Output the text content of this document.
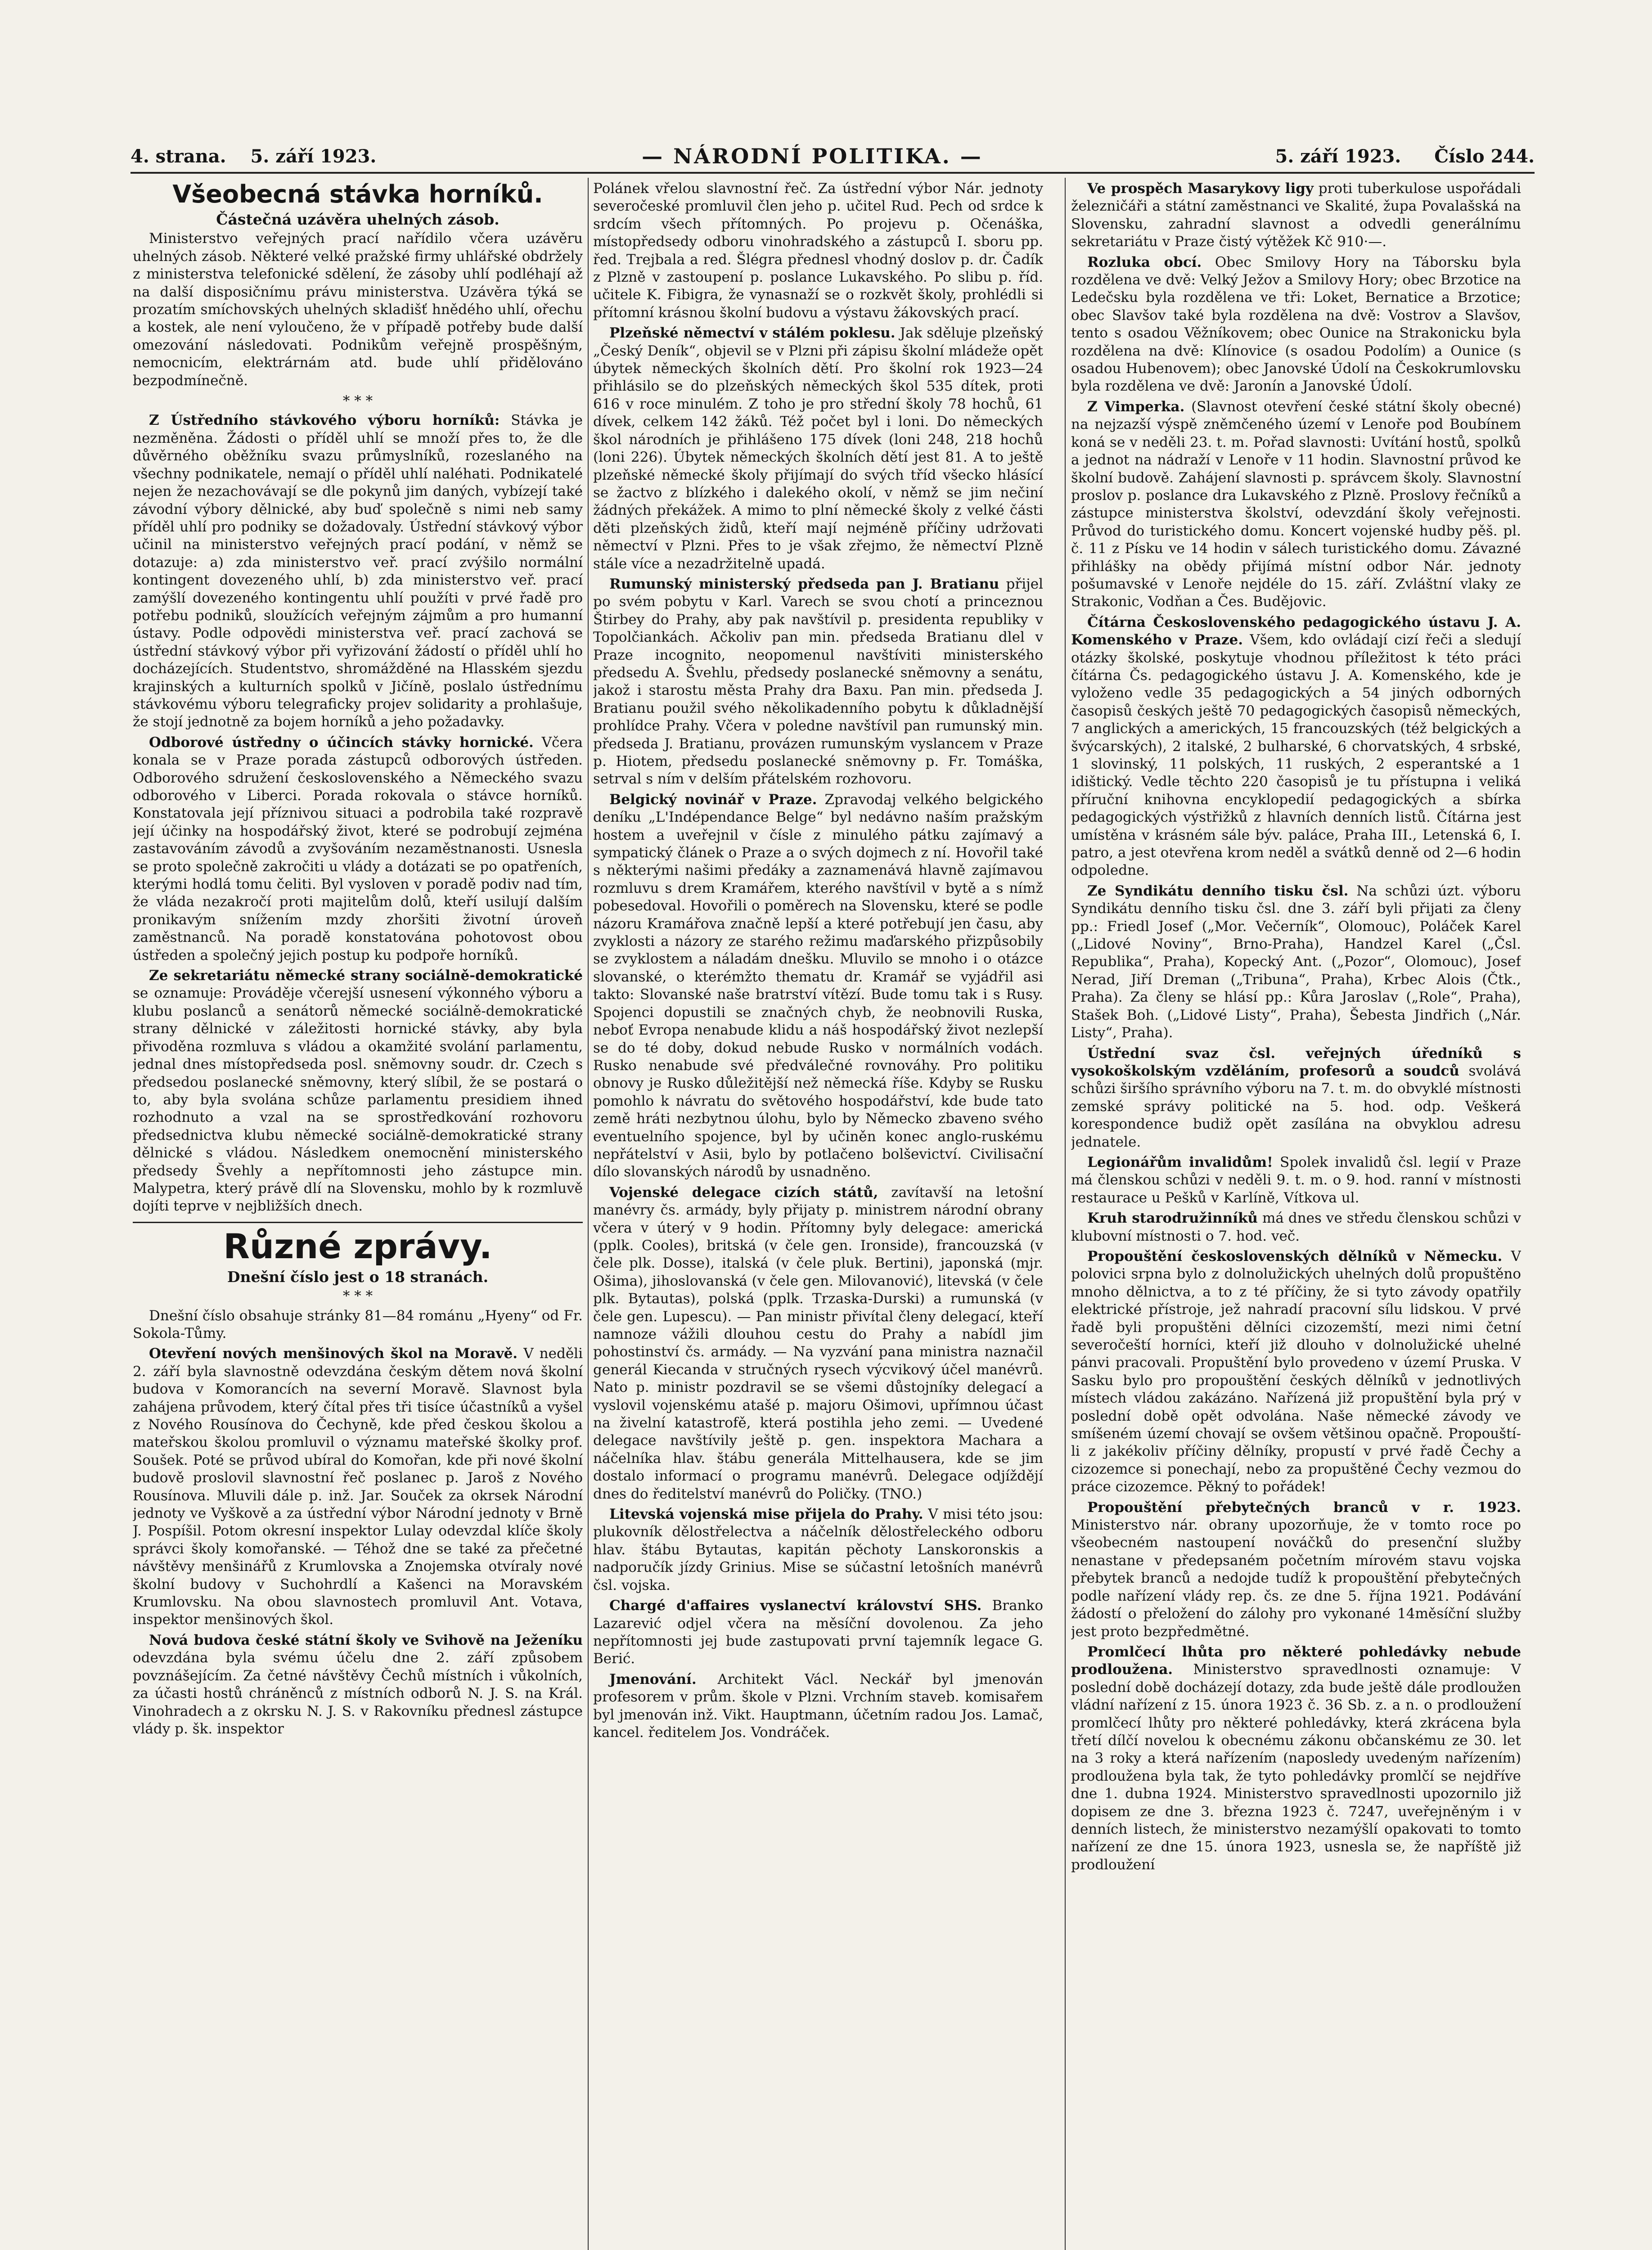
4. strana. 5. září 1923.	— NÁRODNÍ POLITIKA. —	5. září 1923. Číslo 244.
Všeobecná stávka horníků.
Částečná uzávěra uhelných zásob.

Ministerstvo veřejných prací nařídilo včera uzávěru uhelných zásob. Některé velké pražské firmy uhlářské obdržely z ministerstva telefonické sdělení, že zásoby uhlí podléhají až na další disposičnímu právu ministerstva. Uzávěra týká se prozatím smíchovských uhelných skladišť hnědého uhlí, ořechu a kostek, ale není vyloučeno, že v případě potřeby bude další omezování následovati. Podnikům veřejně prospěšným, nemocnicím, elektrárnám atd. bude uhlí přidělováno bezpodmínečně.

* * *

Z Ústředního stávkového výboru horníků: Stávka je nezměněna. Žádosti o příděl uhlí se množí přes to, že dle důvěrného oběžníku svazu průmyslníků, rozeslaného na všechny podnikatele, nemají o příděl uhlí naléhati. Podnikatelé nejen že nezachovávají se dle pokynů jim daných, vybízejí také závodní výbory dělnické, aby buď společně s nimi neb samy příděl uhlí pro podniky se dožadovaly. Ústřední stávkový výbor učinil na ministerstvo veřejných prací podání, v němž se dotazuje: a) zda ministerstvo veř. prací zvýšilo normální kontingent dovezeného uhlí, b) zda ministerstvo veř. prací zamýšlí dovezeného kontingentu uhlí použíti v prvé řadě pro potřebu podniků, sloužících veřejným zájmům a pro humanní ústavy. Podle odpovědi ministerstva veř. prací zachová se ústřední stávkový výbor při vyřizování žádostí o příděl uhlí ho docházejících. Studentstvo, shromážděné na Hlasském sjezdu krajinských a kulturních spolků v Jičíně, poslalo ústřednímu stávkovému výboru telegraficky projev solidarity a prohlašuje, že stojí jednotně za bojem horníků a jeho požadavky.

Odborové ústředny o účincích stávky hornické. Včera konala se v Praze porada zástupců odborových ústředen. Odborového sdružení československého a Německého svazu odborového v Liberci. Porada rokovala o stávce horníků. Konstatovala její příznivou situaci a podrobila také rozpravě její účinky na hospodářský život, které se podrobují zejména zastavováním závodů a zvyšováním nezaměstnanosti. Usnesla se proto společně zakročiti u vlády a dotázati se po opatřeních, kterými hodlá tomu čeliti. Byl vysloven v poradě podiv nad tím, že vláda nezakročí proti majitelům dolů, kteří usilují dalším pronikavým snížením mzdy zhoršiti životní úroveň zaměstnanců. Na poradě konstatována pohotovost obou ústředen a společný jejich postup ku podpoře horníků.

Ze sekretariátu německé strany sociálně-demokratické se oznamuje: Prováděje včerejší usnesení výkonného výboru a klubu poslanců a senátorů německé sociálně-demokratické strany dělnické v záležitosti hornické stávky, aby byla přivoděna rozmluva s vládou a okamžité svolání parlamentu, jednal dnes místopředseda posl. sněmovny soudr. dr. Czech s předsedou poslanecké sněmovny, který slíbil, že se postará o to, aby byla svolána schůze parlamentu presidiem ihned rozhodnuto a vzal na se sprostředkování rozhovoru předsednictva klubu německé sociálně-demokratické strany dělnické s vládou. Následkem onemocnění ministerského předsedy Švehly a nepřítomnosti jeho zástupce min. Malypetra, který právě dlí na Slovensku, mohlo by k rozmluvě dojíti teprve v nejbližších dnech.

Různé zprávy.
Dnešní číslo jest o 18 stranách.
* * *

Dnešní číslo obsahuje stránky 81—84 románu „Hyeny“ od Fr. Sokola-Tůmy.

Otevření nových menšinových škol na Moravě. V neděli 2. září byla slavnostně odevzdána českým dětem nová školní budova v Komorancích na severní Moravě. Slavnost byla zahájena průvodem, který čítal přes tři tisíce účastníků a vyšel z Nového Rousínova do Čechyně, kde před českou školou a mateřskou školou promluvil o významu mateřské školky prof. Soušek. Poté se průvod ubíral do Komořan, kde při nové školní budově proslovil slavnostní řeč poslanec p. Jaroš z Nového Rousínova. Mluvili dále p. inž. Jar. Souček za okrsek Národní jednoty ve Vyškově a za ústřední výbor Národní jednoty v Brně J. Pospíšil. Potom okresní inspektor Lulay odevzdal klíče školy správci školy komořanské. — Téhož dne se také za přečetné návštěvy menšinářů z Krumlovska a Znojemska otvíraly nové školní budovy v Suchohrdlí a Kašenci na Moravském Krumlovsku. Na obou slavnostech promluvil Ant. Votava, inspektor menšinových škol.

Nová budova české státní školy ve Svihově na Ježeníku odevzdána byla svému účelu dne 2. září způsobem povznášejícím. Za četné návštěvy Čechů místních i vůkolních, za účasti hostů chráněnců z místních odborů N. J. S. na Král. Vinohradech a z okrsku N. J. S. v Rakovníku přednesl zástupce vlády p. šk. inspektor

Polánek vřelou slavnostní řeč. Za ústřední výbor Nár. jednoty severočeské promluvil člen jeho p. učitel Rud. Pech od srdce k srdcím všech přítomných. Po projevu p. Očenáška, místopředsedy odboru vinohradského a zástupců I. sboru pp. řed. Trejbala a red. Šlégra přednesl vhodný doslov p. dr. Čadík z Plzně v zastoupení p. poslance Lukavského. Po slibu p. říd. učitele K. Fibigra, že vynasnaží se o rozkvět školy, prohlédli si přítomní krásnou školní budovu a výstavu žákovských prací.

Plzeňské němectví v stálém poklesu. Jak sděluje plzeňský „Český Deník“, objevil se v Plzni při zápisu školní mládeže opět úbytek německých školních dětí. Pro školní rok 1923—24 přihlásilo se do plzeňských německých škol 535 dítek, proti 616 v roce minulém. Z toho je pro střední školy 78 hochů, 61 dívek, celkem 142 žáků. Též počet byl i loni. Do německých škol národních je přihlášeno 175 dívek (loni 248, 218 hochů (loni 226). Úbytek německých školních dětí jest 81. A to ještě plzeňské německé školy přijímají do svých tříd všecko hlásící se žactvo z blízkého i dalekého okolí, v němž se jim nečiní žádných překážek. A mimo to plní německé školy z velké části děti plzeňských židů, kteří mají nejméně příčiny udržovati němectví v Plzni. Přes to je však zřejmo, že němectví Plzně stále více a nezadržitelně upadá.

Rumunský ministerský předseda pan J. Bratianu přijel po svém pobytu v Karl. Varech se svou chotí a princeznou Štirbey do Prahy, aby pak navštívil p. presidenta republiky v Topolčiankách. Ačkoliv pan min. předseda Bratianu dlel v Praze incognito, neopomenul navštíviti ministerského předsedu A. Švehlu, předsedy poslanecké sněmovny a senátu, jakož i starostu města Prahy dra Baxu. Pan min. předseda J. Bratianu použil svého několikadenního pobytu k důkladnější prohlídce Prahy. Včera v poledne navštívil pan rumunský min. předseda J. Bratianu, provázen rumunským vyslancem v Praze p. Hiotem, předsedu poslanecké sněmovny p. Fr. Tomáška, setrval s ním v delším přátelském rozhovoru.

Belgický novinář v Praze. Zpravodaj velkého belgického deníku „L'Indépendance Belge“ byl nedávno naším pražským hostem a uveřejnil v čísle z minulého pátku zajímavý a sympatický článek o Praze a o svých dojmech z ní. Hovořil také s některými našimi předáky a zaznamenává hlavně zajímavou rozmluvu s drem Kramářem, kterého navštívil v bytě a s nímž pobesedoval. Hovořili o poměrech na Slovensku, které se podle názoru Kramářova značně lepší a které potřebují jen času, aby zvyklosti a názory ze starého režimu maďarského přizpůsobily se zvyklostem a náladám dnešku. Mluvilo se mnoho i o otázce slovanské, o kterémžto thematu dr. Kramář se vyjádřil asi takto: Slovanské naše bratrství vítězí. Bude tomu tak i s Rusy. Spojenci dopustili se značných chyb, že neobnovili Ruska, neboť Evropa nenabude klidu a náš hospodářský život nezlepší se do té doby, dokud nebude Rusko v normálních vodách. Rusko nenabude své předválečné rovnováhy. Pro politiku obnovy je Rusko důležitější než německá říše. Kdyby se Rusku pomohlo k návratu do světového hospodářství, kde bude tato země hráti nezbytnou úlohu, bylo by Německo zbaveno svého eventuelního spojence, byl by učiněn konec anglo-ruskému nepřátelství v Asii, bylo by potlačeno bolševictví. Civilisační dílo slovanských národů by usnadněno.

Vojenské delegace cizích států, zavítavší na letošní manévry čs. armády, byly přijaty p. ministrem národní obrany včera v úterý v 9 hodin. Přítomny byly delegace: americká (pplk. Cooles), britská (v čele gen. Ironside), francouzská (v čele plk. Dosse), italská (v čele pluk. Bertini), japonská (mjr. Ošima), jihoslovanská (v čele gen. Milovanović), litevská (v čele plk. Bytautas), polská (pplk. Trzaska-Durski) a rumunská (v čele gen. Lupescu). — Pan ministr přivítal členy delegací, kteří namnoze vážili dlouhou cestu do Prahy a nabídl jim pohostinství čs. armády. — Na vyzvání pana ministra naznačil generál Kiecanda v stručných rysech výcvikový účel manévrů. Nato p. ministr pozdravil se se všemi důstojníky delegací a vyslovil vojenskému atašé p. majoru Ošimovi, upřímnou účast na živelní katastrofě, která postihla jeho zemi. — Uvedené delegace navštívily ještě p. gen. inspektora Machara a náčelníka hlav. štábu generála Mittelhausera, kde se jim dostalo informací o programu manévrů. Delegace odjíždějí dnes do ředitelství manévrů do Poličky. (TNO.)

Litevská vojenská mise přijela do Prahy. V misi této jsou: plukovník dělostřelectva a náčelník dělostřeleckého odboru hlav. štábu Bytautas, kapitán pěchoty Lanskoronskis a nadporučík jízdy Grinius. Mise se súčastní letošních manévrů čsl. vojska.

Chargé d'affaires vyslanectví království SHS. Branko Lazarević odjel včera na měsíční dovolenou. Za jeho nepřítomnosti jej bude zastupovati první tajemník legace G. Berić.

Jmenování. Architekt Václ. Neckář byl jmenován profesorem v prům. škole v Plzni. Vrchním staveb. komisařem byl jmenován inž. Vikt. Hauptmann, účetním radou Jos. Lamač, kancel. ředitelem Jos. Vondráček.

Ve prospěch Masarykovy ligy proti tuberkulose uspořádali železničáři a státní zaměstnanci ve Skalité, župa Povalašská na Slovensku, zahradní slavnost a odvedli generálnímu sekretariátu v Praze čistý výtěžek Kč 910·—.

Rozluka obcí. Obec Smilovy Hory na Táborsku byla rozdělena ve dvě: Velký Ježov a Smilovy Hory; obec Brzotice na Ledečsku byla rozdělena ve tři: Loket, Bernatice a Brzotice; obec Slavšov také byla rozdělena na dvě: Vostrov a Slavšov, tento s osadou Věžníkovem; obec Ounice na Strakonicku byla rozdělena na dvě: Klínovice (s osadou Podolím) a Ounice (s osadou Hubenovem); obec Janovské Údolí na Českokrumlovsku byla rozdělena ve dvě: Jaronín a Janovské Údolí.

Z Vimperka. (Slavnost otevření české státní školy obecné) na nejzazší výspě zněmčeného území v Lenoře pod Boubínem koná se v neděli 23. t. m. Pořad slavnosti: Uvítání hostů, spolků a jednot na nádraží v Lenoře v 11 hodin. Slavnostní průvod ke školní budově. Zahájení slavnosti p. správcem školy. Slavnostní proslov p. poslance dra Lukavského z Plzně. Proslovy řečníků a zástupce ministerstva školství, odevzdání školy veřejnosti. Průvod do turistického domu. Koncert vojenské hudby pěš. pl. č. 11 z Písku ve 14 hodin v sálech turistického domu. Závazné přihlášky na obědy přijímá místní odbor Nár. jednoty pošumavské v Lenoře nejdéle do 15. září. Zvláštní vlaky ze Strakonic, Vodňan a Čes. Budějovic.

Čítárna Československého pedagogického ústavu J. A. Komenského v Praze. Všem, kdo ovládají cizí řeči a sledují otázky školské, poskytuje vhodnou příležitost k této práci čítárna Čs. pedagogického ústavu J. A. Komenského, kde je vyloženo vedle 35 pedagogických a 54 jiných odborných časopisů českých ještě 70 pedagogických časopisů německých, 7 anglických a amerických, 15 francouzských (též belgických a švýcarských), 2 italské, 2 bulharské, 6 chorvatských, 4 srbské, 1 slovinský, 11 polských, 11 ruských, 2 esperantské a 1 idištický. Vedle těchto 220 časopisů je tu přístupna i veliká příruční knihovna encyklopedií pedagogických a sbírka pedagogických výstřižků z hlavních denních listů. Čítárna jest umístěna v krásném sále býv. paláce, Praha III., Letenská 6, I. patro, a jest otevřena krom neděl a svátků denně od 2—6 hodin odpoledne.

Ze Syndikátu denního tisku čsl. Na schůzi úzt. výboru Syndikátu denního tisku čsl. dne 3. září byli přijati za členy pp.: Friedl Josef („Mor. Večerník“, Olomouc), Poláček Karel („Lidové Noviny“, Brno-Praha), Handzel Karel („Čsl. Republika“, Praha), Kopecký Ant. („Pozor“, Olomouc), Josef Nerad, Jiří Dreman („Tribuna“, Praha), Krbec Alois (Čtk., Praha). Za členy se hlásí pp.: Kůra Jaroslav („Role“, Praha), Stašek Boh. („Lidové Listy“, Praha), Šebesta Jindřich („Nár. Listy“, Praha).

Ústřední svaz čsl. veřejných úředníků s vysokoškolským vzděláním, profesorů a soudců svolává schůzi širšího správního výboru na 7. t. m. do obvyklé místnosti zemské správy politické na 5. hod. odp. Veškerá korespondence budiž opět zasílána na obvyklou adresu jednatele.

Legionářům invalidům! Spolek invalidů čsl. legií v Praze má členskou schůzi v neděli 9. t. m. o 9. hod. ranní v místnosti restaurace u Pešků v Karlíně, Vítkova ul.

Kruh starodružinníků má dnes ve středu členskou schůzi v klubovní místnosti o 7. hod. več.

Propouštění československých dělníků v Německu. V polovici srpna bylo z dolnolužických uhelných dolů propuštěno mnoho dělnictva, a to z té příčiny, že si tyto závody opatřily elektrické přístroje, jež nahradí pracovní sílu lidskou. V prvé řadě byli propuštěni dělníci cizozemští, mezi nimi četní severočeští horníci, kteří již dlouho v dolnolužické uhelné pánvi pracovali. Propuštění bylo provedeno v území Pruska. V Sasku bylo pro propouštění českých dělníků v jednotlivých místech vládou zakázáno. Nařízená již propuštění byla prý v poslední době opět odvolána. Naše německé závody ve smíšeném území chovají se ovšem většinou opačně. Propouští-li z jakékoliv příčiny dělníky, propustí v prvé řadě Čechy a cizozemce si ponechají, nebo za propuštěné Čechy vezmou do práce cizozemce. Pěkný to pořádek!

Propouštění přebytečných branců v r. 1923. Ministerstvo nár. obrany upozorňuje, že v tomto roce po všeobecném nastoupení nováčků do presenční služby nenastane v předepsaném početním mírovém stavu vojska přebytek branců a nedojde tudíž k propouštění přebytečných podle nařízení vlády rep. čs. ze dne 5. října 1921. Podávání žádostí o přeložení do zálohy pro vykonané 14měsíční služby jest proto bezpředmětné.

Promlčecí lhůta pro některé pohledávky nebude prodloužena. Ministerstvo spravedlnosti oznamuje: V poslední době docházejí dotazy, zda bude ještě dále prodloužen vládní nařízení z 15. února 1923 č. 36 Sb. z. a n. o prodloužení promlčecí lhůty pro některé pohledávky, která zkrácena byla třetí dílčí novelou k obecnému zákonu občanskému ze 30. let na 3 roky a která nařízením (naposledy uvedeným nařízením) prodloužena byla tak, že tyto pohledávky promlčí se nejdříve dne 1. dubna 1924. Ministerstvo spravedlnosti upozornilo již dopisem ze dne 3. března 1923 č. 7247, uveřejněným i v denních listech, že ministerstvo nezamýšlí opakovati to tomto nařízení ze dne 15. února 1923, usnesla se, že napříště již prodloužení
